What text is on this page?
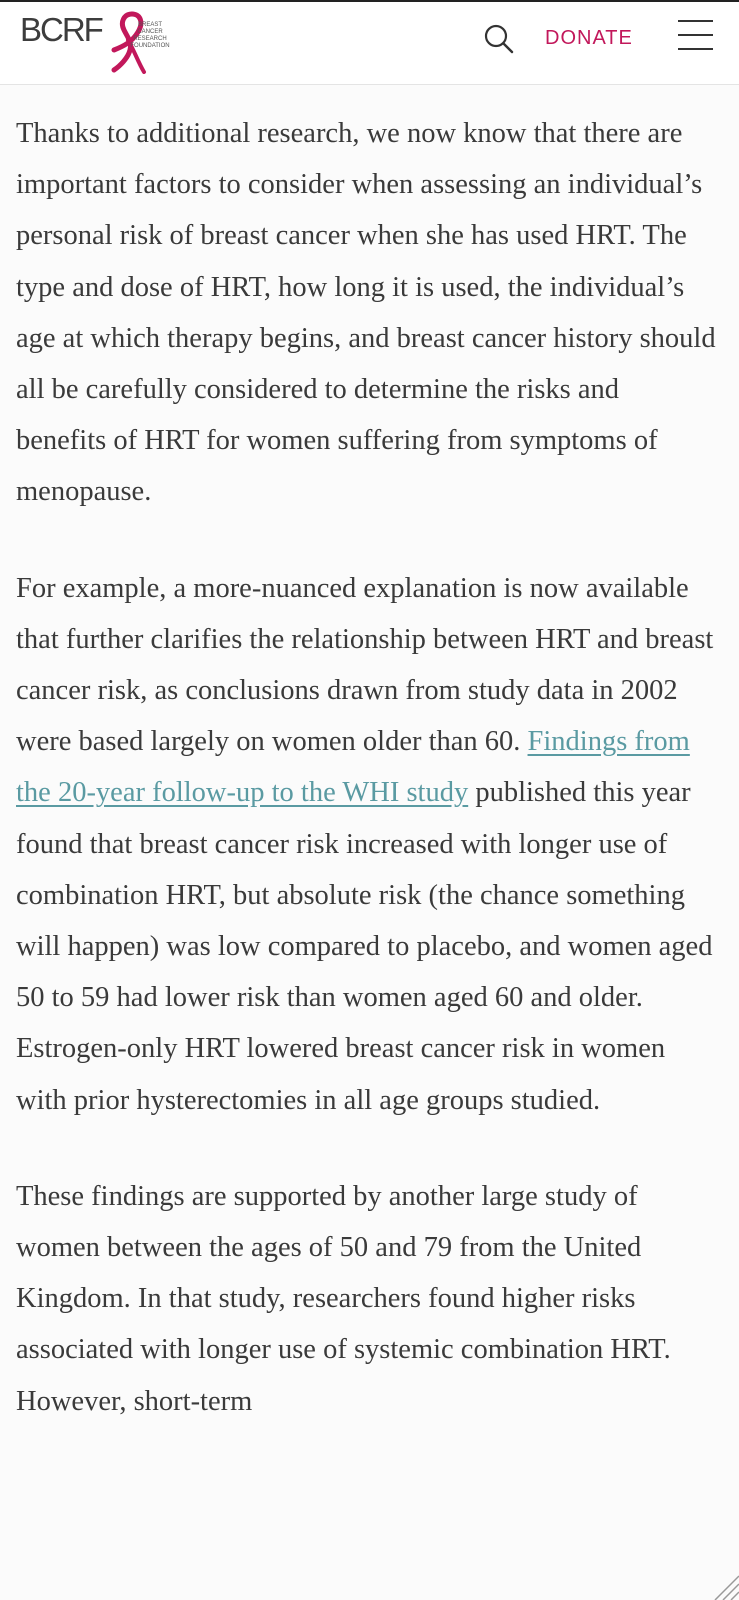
BCRF	BREAST
CANCER
RESEARCH
FOUNDATION	DONATE

Thanks to additional research, we now know that there are important factors to consider when assessing an individual’s personal risk of breast cancer when she has used HRT. The type and dose of HRT, how long it is used, the individual’s age at which therapy begins, and breast cancer history should all be carefully considered to determine the risks and benefits of HRT for women suffering from symptoms of menopause.

For example, a more-nuanced explanation is now available that further clarifies the relationship between HRT and breast cancer risk, as conclusions drawn from study data in 2002 were based largely on women older than 60. Findings from the 20-year follow-up to the WHI study published this year found that breast cancer risk increased with longer use of combination HRT, but absolute risk (the chance something will happen) was low compared to placebo, and women aged 50 to 59 had lower risk than women aged 60 and older. Estrogen-only HRT lowered breast cancer risk in women with prior hysterectomies in all age groups studied.

These findings are supported by another large study of women between the ages of 50 and 79 from the United Kingdom. In that study, researchers found higher risks associated with longer use of systemic combination HRT. However, short-term
